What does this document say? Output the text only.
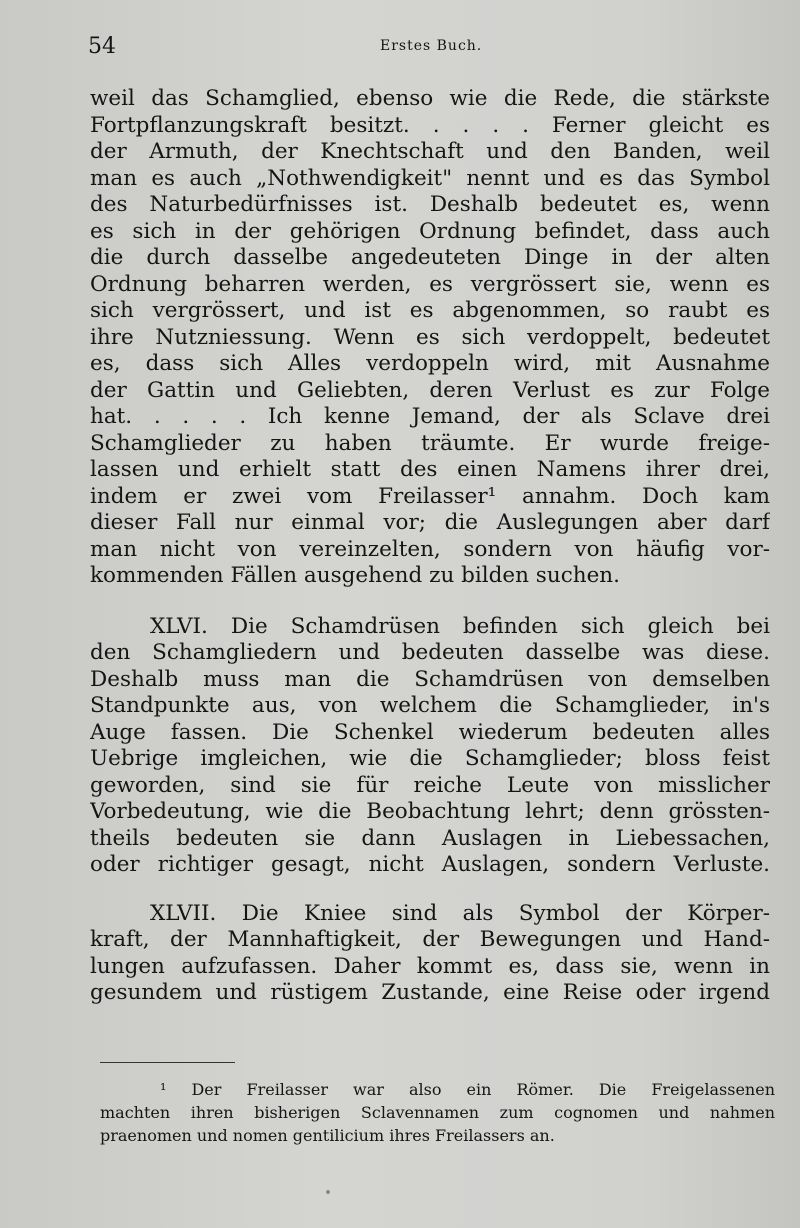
54	Erstes Buch.
weil das Schamglied, ebenso wie die Rede, die stärkste
Fortpflanzungskraft besitzt. . . . . Ferner gleicht es
der Armuth, der Knechtschaft und den Banden, weil
man es auch „Nothwendigkeit" nennt und es das Symbol
des Naturbedürfnisses ist. Deshalb bedeutet es, wenn
es sich in der gehörigen Ordnung befindet, dass auch
die durch dasselbe angedeuteten Dinge in der alten
Ordnung beharren werden, es vergrössert sie, wenn es
sich vergrössert, und ist es abgenommen, so raubt es
ihre Nutzniessung. Wenn es sich verdoppelt, bedeutet
es, dass sich Alles verdoppeln wird, mit Ausnahme
der Gattin und Geliebten, deren Verlust es zur Folge
hat. . . . . Ich kenne Jemand, der als Sclave drei
Schamglieder zu haben träumte. Er wurde freige-
lassen und erhielt statt des einen Namens ihrer drei,
indem er zwei vom Freilasser¹ annahm. Doch kam
dieser Fall nur einmal vor; die Auslegungen aber darf
man nicht von vereinzelten, sondern von häufig vor-
kommenden Fällen ausgehend zu bilden suchen.
XLVI. Die Schamdrüsen befinden sich gleich bei
den Schamgliedern und bedeuten dasselbe was diese.
Deshalb muss man die Schamdrüsen von demselben
Standpunkte aus, von welchem die Schamglieder, in's
Auge fassen. Die Schenkel wiederum bedeuten alles
Uebrige imgleichen, wie die Schamglieder; bloss feist
geworden, sind sie für reiche Leute von misslicher
Vorbedeutung, wie die Beobachtung lehrt; denn grössten-
theils bedeuten sie dann Auslagen in Liebessachen,
oder richtiger gesagt, nicht Auslagen, sondern Verluste.
XLVII. Die Kniee sind als Symbol der Körper-
kraft, der Mannhaftigkeit, der Bewegungen und Hand-
lungen aufzufassen. Daher kommt es, dass sie, wenn in
gesundem und rüstigem Zustande, eine Reise oder irgend
¹ Der Freilasser war also ein Römer. Die Freigelassenen
machten ihren bisherigen Sclavennamen zum cognomen und nahmen
praenomen und nomen gentilicium ihres Freilassers an.
